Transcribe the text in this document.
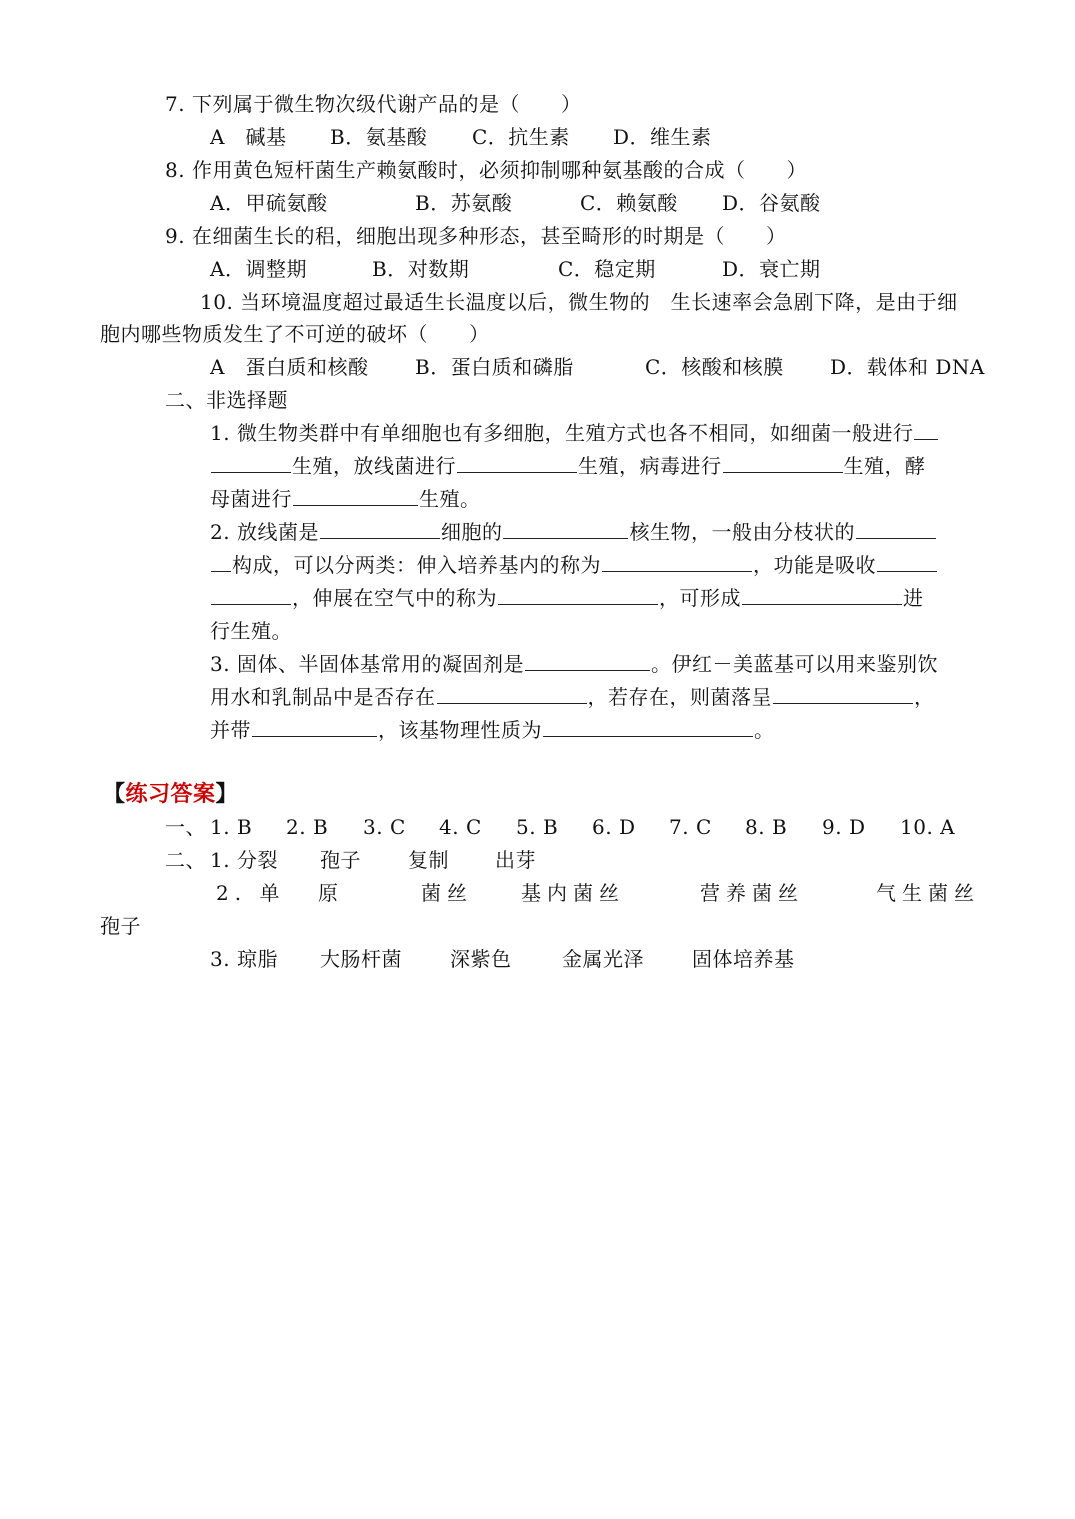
7. 下列属于微生物次级代谢产品的是（　　）
A　碱基 B．氨基酸 C．抗生素 D．维生素
8. 作用黄色短杆菌生产赖氨酸时，必须抑制哪种氨基酸的合成（　　）
A．甲硫氨酸	B．苏氨酸	C．赖氨酸 D．谷氨酸
9. 在细菌生长的稆，细胞出现多种形态，甚至畸形的时期是（　　）
A．调整期	B．对数期	C．稳定期	D．衰亡期
10. 当环境温度超过最适生长温度以后，微生物的　生长速率会急剧下降，是由于细
胞内哪些物质发生了不可逆的破坏（　　）
A　蛋白质和核酸 B．蛋白质和磷脂	C．核酸和核膜 D．载体和 DNA
二、非选择题
1. 微生物类群中有单细胞也有多细胞，生殖方式也各不相同，如细菌一般进行
生殖，放线菌进行	生殖，病毒进行	生殖，酵
母菌进行	生殖。
2. 放线菌是	细胞的	核生物，一般由分枝状的
构成，可以分两类：伸入培养基内的称为	，功能是吸收
，伸展在空气中的称为	，可形成	进
行生殖。
3. 固体、半固体基常用的凝固剂是	。伊红－美蓝基可以用来鉴别饮
用水和乳制品中是否存在	，若存在，则菌落呈	，
并带	，该基物理性质为	。
【练习答案】
一、 1. B 2. B 3. C 4. C 5. B 6. D 7. C 8. B 9. D 10. A
二、 1. 分裂 孢子 复制 出芽
2. 单 原	菌丝 基内菌丝	营养菌丝	气生菌丝
孢子
3. 琼脂 大肠杆菌 深紫色	金属光泽 固体培养基
